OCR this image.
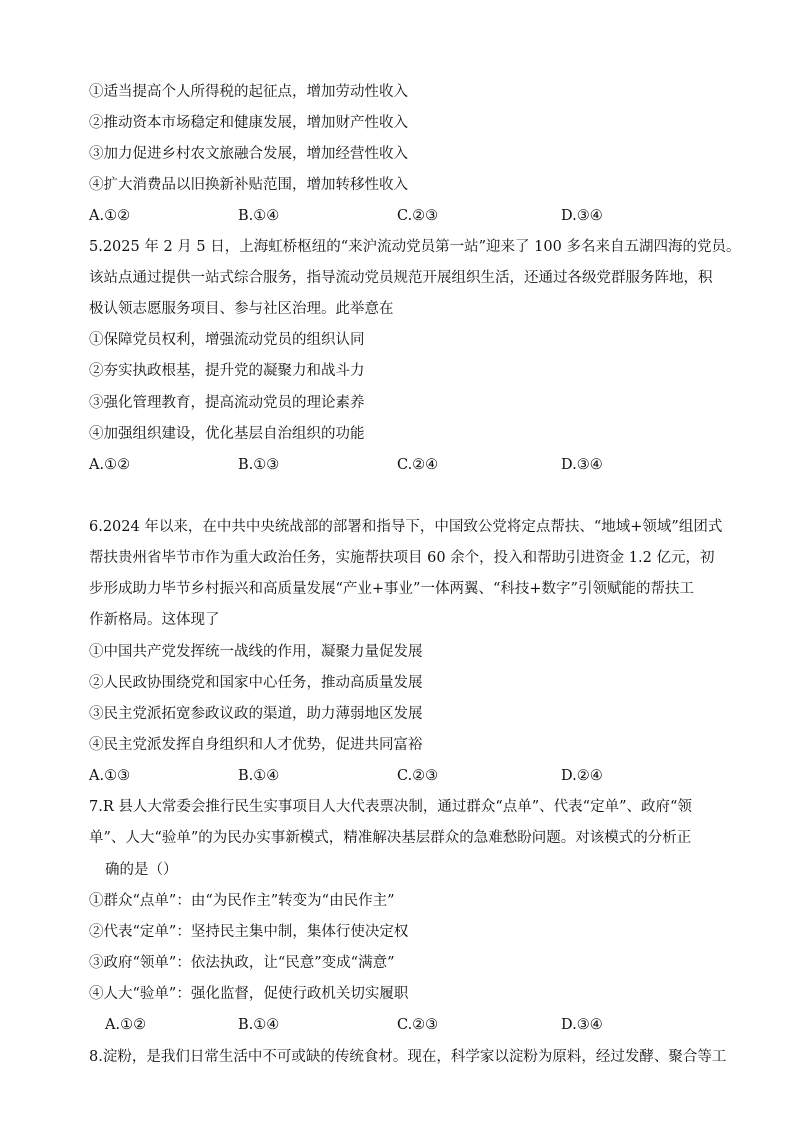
①适当提高个人所得税的起征点，增加劳动性收入
②推动资本市场稳定和健康发展，增加财产性收入
③加力促进乡村农文旅融合发展，增加经营性收入
④扩大消费品以旧换新补贴范围，增加转移性收入
A.①②	B.①④	C.②③	D.③④
5.2025 年 2 月 5 日，上海虹桥枢纽的“来沪流动党员第一站”迎来了 100 多名来自五湖四海的党员。
该站点通过提供一站式综合服务，指导流动党员规范开展组织生活，还通过各级党群服务阵地，积
极认领志愿服务项目、参与社区治理。此举意在
①保障党员权利，增强流动党员的组织认同
②夯实执政根基，提升党的凝聚力和战斗力
③强化管理教育，提高流动党员的理论素养
④加强组织建设，优化基层自治组织的功能
A.①②	B.①③	C.②④	D.③④
6.2024 年以来，在中共中央统战部的部署和指导下，中国致公党将定点帮扶、“地域+领域”组团式
帮扶贵州省毕节市作为重大政治任务，实施帮扶项目 60 余个，投入和帮助引进资金 1.2 亿元，初
步形成助力毕节乡村振兴和高质量发展“产业+事业”一体两翼、“科技+数字”引领赋能的帮扶工
作新格局。这体现了
①中国共产党发挥统一战线的作用，凝聚力量促发展
②人民政协围绕党和国家中心任务，推动高质量发展
③民主党派拓宽参政议政的渠道，助力薄弱地区发展
④民主党派发挥自身组织和人才优势，促进共同富裕
A.①③	B.①④	C.②③	D.②④
7.R 县人大常委会推行民生实事项目人大代表票决制，通过群众“点单”、代表“定单”、政府“领
单”、人大“验单”的为民办实事新模式，精准解决基层群众的急难愁盼问题。对该模式的分析正
确的是（）
①群众“点单”：由“为民作主”转变为“由民作主”
②代表“定单”：坚持民主集中制，集体行使决定权
③政府“领单”：依法执政，让“民意”变成“满意”
④人大“验单”：强化监督，促使行政机关切实履职
A.①②	B.①④	C.②③	D.③④
8.淀粉，是我们日常生活中不可或缺的传统食材。现在，科学家以淀粉为原料，经过发酵、聚合等工
